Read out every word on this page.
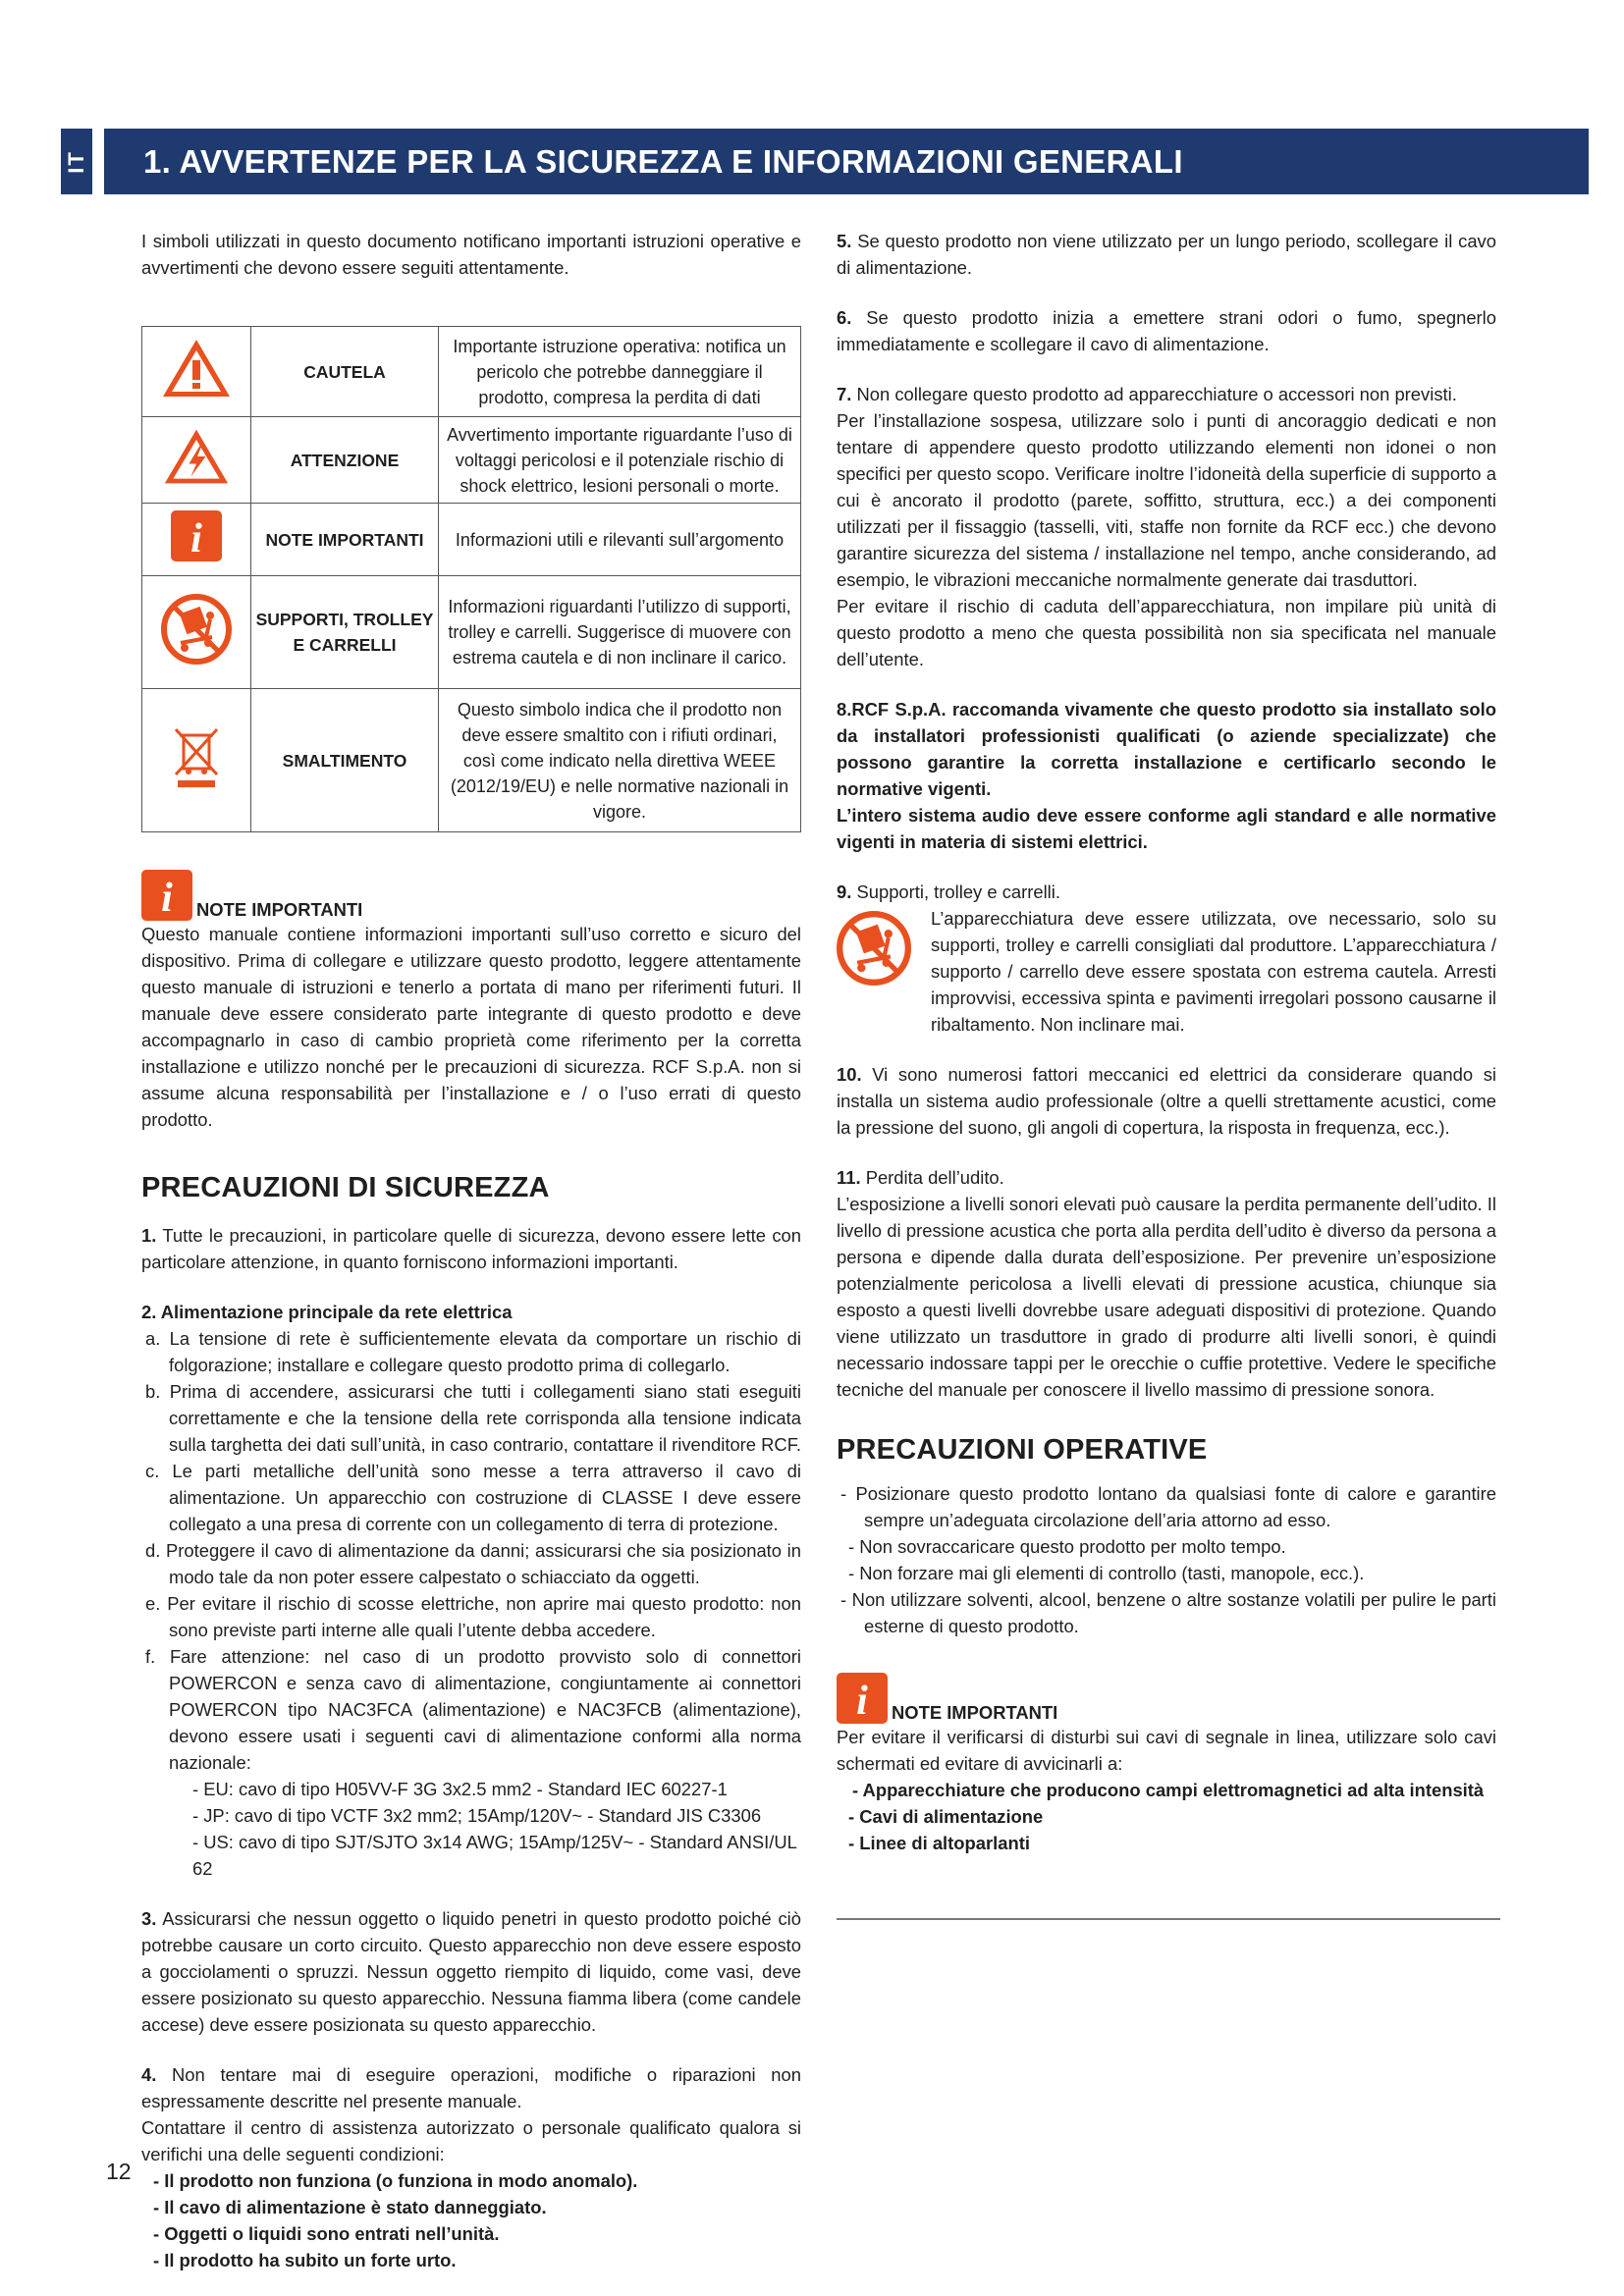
IT	1. AVVERTENZE PER LA SICUREZZA E INFORMAZIONI GENERALI

I simboli utilizzati in questo documento notificano importanti istruzioni operative e avvertimenti che devono essere seguiti attentamente.

	CAUTELA	Importante istruzione operativa: notifica un pericolo che potrebbe danneggiare il prodotto, compresa la perdita di dati
	ATTENZIONE	Avvertimento importante riguardante l’uso di voltaggi pericolosi e il potenziale rischio di shock elettrico, lesioni personali o morte.

i	NOTE IMPORTANTI	Informazioni utili e rilevanti sull’argomento
	SUPPORTI, TROLLEY E CARRELLI	Informazioni riguardanti l’utilizzo di supporti, trolley e carrelli. Suggerisce di muovere con estrema cautela e di non inclinare il carico.
	SMALTIMENTO	Questo simbolo indica che il prodotto non deve essere smaltito con i rifiuti ordinari, così come indicato nella direttiva WEEE (2012/19/EU) e nelle normative nazionali in vigore.
i NOTE IMPORTANTI

Questo manuale contiene informazioni importanti sull’uso corretto e sicuro del dispositivo. Prima di collegare e utilizzare questo prodotto, leggere attentamente questo manuale di istruzioni e tenerlo a portata di mano per riferimenti futuri. Il manuale deve essere considerato parte integrante di questo prodotto e deve accompagnarlo in caso di cambio proprietà come riferimento per la corretta installazione e utilizzo nonché per le precauzioni di sicurezza. RCF S.p.A. non si assume alcuna responsabilità per l’installazione e / o l’uso errati di questo prodotto.

PRECAUZIONI DI SICUREZZA

1. Tutte le precauzioni, in particolare quelle di sicurezza, devono essere lette con particolare attenzione, in quanto forniscono informazioni importanti.

2. Alimentazione principale da rete elettrica

a. La tensione di rete è sufficientemente elevata da comportare un rischio di folgorazione; installare e collegare questo prodotto prima di collegarlo.

b. Prima di accendere, assicurarsi che tutti i collegamenti siano stati eseguiti correttamente e che la tensione della rete corrisponda alla tensione indicata sulla targhetta dei dati sull’unità, in caso contrario, contattare il rivenditore RCF.

c. Le parti metalliche dell’unità sono messe a terra attraverso il cavo di alimentazione. Un apparecchio con costruzione di CLASSE I deve essere collegato a una presa di corrente con un collegamento di terra di protezione.

d. Proteggere il cavo di alimentazione da danni; assicurarsi che sia posizionato in modo tale da non poter essere calpestato o schiacciato da oggetti.

e. Per evitare il rischio di scosse elettriche, non aprire mai questo prodotto: non sono previste parti interne alle quali l’utente debba accedere.

f. Fare attenzione: nel caso di un prodotto provvisto solo di connettori POWERCON e senza cavo di alimentazione, congiuntamente ai connettori POWERCON tipo NAC3FCA (alimentazione) e NAC3FCB (alimentazione), devono essere usati i seguenti cavi di alimentazione conformi alla norma nazionale:

- EU: cavo di tipo H05VV-F 3G 3x2.5 mm2 - Standard IEC 60227-1

- JP: cavo di tipo VCTF 3x2 mm2; 15Amp/120V~ - Standard JIS C3306

- US: cavo di tipo SJT/SJTO 3x14 AWG; 15Amp/125V~ - Standard ANSI/UL 62

3. Assicurarsi che nessun oggetto o liquido penetri in questo prodotto poiché ciò potrebbe causare un corto circuito. Questo apparecchio non deve essere esposto a gocciolamenti o spruzzi. Nessun oggetto riempito di liquido, come vasi, deve essere posizionato su questo apparecchio. Nessuna fiamma libera (come candele accese) deve essere posizionata su questo apparecchio.

4. Non tentare mai di eseguire operazioni, modifiche o riparazioni non espressamente descritte nel presente manuale.

Contattare il centro di assistenza autorizzato o personale qualificato qualora si verifichi una delle seguenti condizioni:

- Il prodotto non funziona (o funziona in modo anomalo).

- Il cavo di alimentazione è stato danneggiato.

- Oggetti o liquidi sono entrati nell’unità.

- Il prodotto ha subito un forte urto.

5. Se questo prodotto non viene utilizzato per un lungo periodo, scollegare il cavo di alimentazione.

6. Se questo prodotto inizia a emettere strani odori o fumo, spegnerlo immediatamente e scollegare il cavo di alimentazione.

7. Non collegare questo prodotto ad apparecchiature o accessori non previsti.

Per l’installazione sospesa, utilizzare solo i punti di ancoraggio dedicati e non tentare di appendere questo prodotto utilizzando elementi non idonei o non specifici per questo scopo. Verificare inoltre l’idoneità della superficie di supporto a cui è ancorato il prodotto (parete, soffitto, struttura, ecc.) a dei componenti utilizzati per il fissaggio (tasselli, viti, staffe non fornite da RCF ecc.) che devono garantire sicurezza del sistema / installazione nel tempo, anche considerando, ad esempio, le vibrazioni meccaniche normalmente generate dai trasduttori.

Per evitare il rischio di caduta dell’apparecchiatura, non impilare più unità di questo prodotto a meno che questa possibilità non sia specificata nel manuale dell’utente.

8.RCF S.p.A. raccomanda vivamente che questo prodotto sia installato solo da installatori professionisti qualificati (o aziende specializzate) che possono garantire la corretta installazione e certificarlo secondo le normative vigenti.

L’intero sistema audio deve essere conforme agli standard e alle normative vigenti in materia di sistemi elettrici.

9. Supporti, trolley e carrelli.

L’apparecchiatura deve essere utilizzata, ove necessario, solo su supporti, trolley e carrelli consigliati dal produttore. L’apparecchiatura / supporto / carrello deve essere spostata con estrema cautela. Arresti improvvisi, eccessiva spinta e pavimenti irregolari possono causarne il ribaltamento. Non inclinare mai.

10. Vi sono numerosi fattori meccanici ed elettrici da considerare quando si installa un sistema audio professionale (oltre a quelli strettamente acustici, come la pressione del suono, gli angoli di copertura, la risposta in frequenza, ecc.).

11. Perdita dell’udito.

L’esposizione a livelli sonori elevati può causare la perdita permanente dell’udito. Il livello di pressione acustica che porta alla perdita dell’udito è diverso da persona a persona e dipende dalla durata dell’esposizione. Per prevenire un’esposizione potenzialmente pericolosa a livelli elevati di pressione acustica, chiunque sia esposto a questi livelli dovrebbe usare adeguati dispositivi di protezione. Quando viene utilizzato un trasduttore in grado di produrre alti livelli sonori, è quindi necessario indossare tappi per le orecchie o cuffie protettive. Vedere le specifiche tecniche del manuale per conoscere il livello massimo di pressione sonora.

PRECAUZIONI OPERATIVE

- Posizionare questo prodotto lontano da qualsiasi fonte di calore e garantire sempre un’adeguata circolazione dell’aria attorno ad esso.

- Non sovraccaricare questo prodotto per molto tempo.

- Non forzare mai gli elementi di controllo (tasti, manopole, ecc.).

- Non utilizzare solventi, alcool, benzene o altre sostanze volatili per pulire le parti esterne di questo prodotto.

i NOTE IMPORTANTI

Per evitare il verificarsi di disturbi sui cavi di segnale in linea, utilizzare solo cavi schermati ed evitare di avvicinarli a:

- Apparecchiature che producono campi elettromagnetici ad alta intensità

- Cavi di alimentazione

- Linee di altoparlanti

12
